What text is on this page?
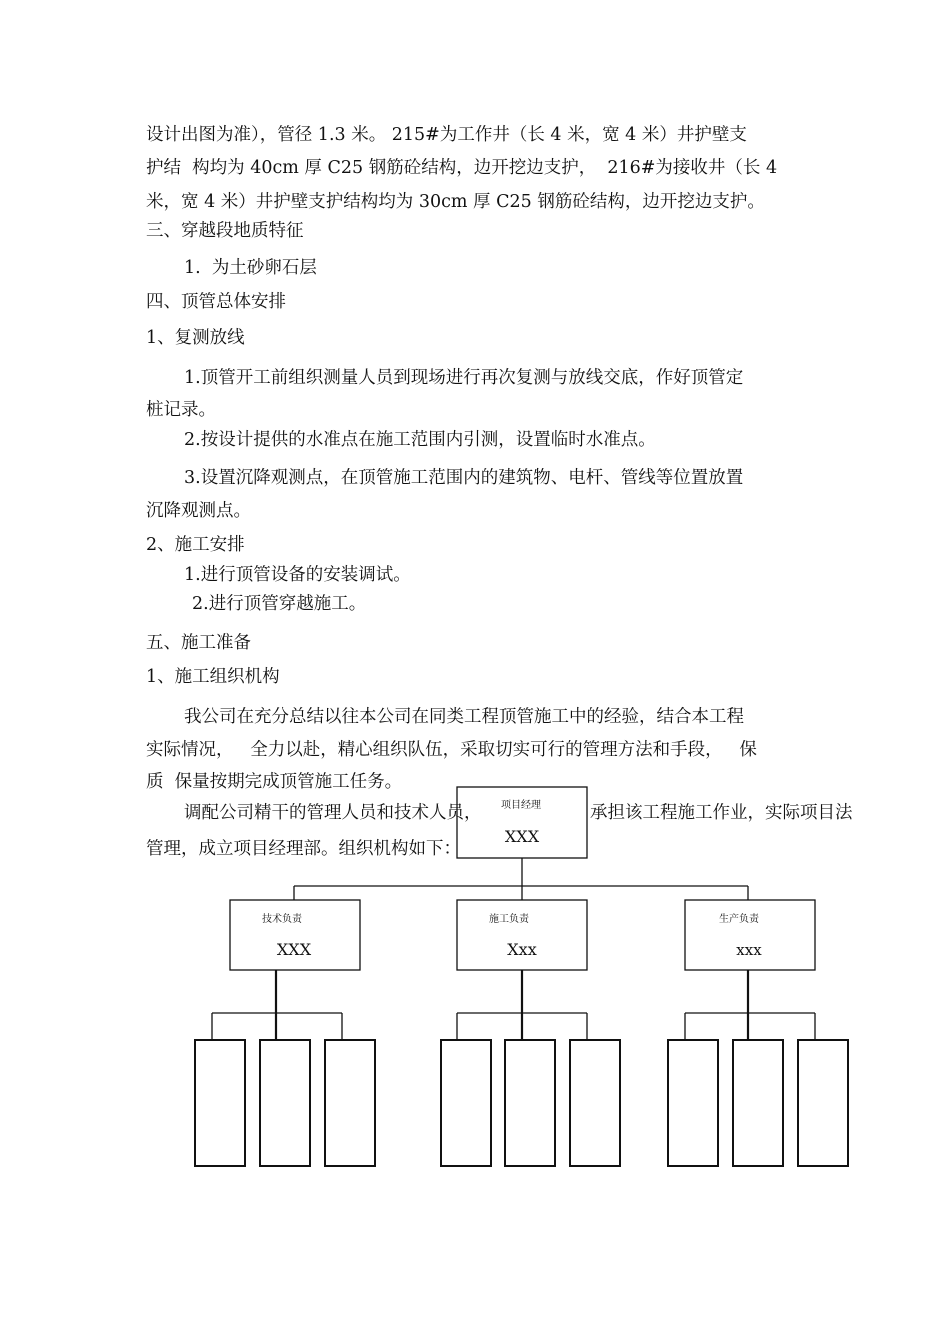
设计出图为准），管径 1.3 米。 215#为工作井（长 4 米，宽 4 米）井护壁支
护结  构均为 40cm 厚 C25 钢筋砼结构，边开挖边支护，  216#为接收井（长 4
米，宽 4 米）井护壁支护结构均为 30cm 厚 C25 钢筋砼结构，边开挖边支护。
三、穿越段地质特征
1.  为土砂卵石层
四、顶管总体安排
1、复测放线
1.顶管开工前组织测量人员到现场进行再次复测与放线交底，作好顶管定
桩记录。
2.按设计提供的水准点在施工范围内引测，设置临时水准点。
3.设置沉降观测点，在顶管施工范围内的建筑物、电杆、管线等位置放置
沉降观测点。
2、施工安排
1.进行顶管设备的安装调试。
2.进行顶管穿越施工。
五、施工准备
1、施工组织机构
我公司在充分总结以往本公司在同类工程顶管施工中的经验，结合本工程
实际情况，   全力以赴，精心组织队伍，采取切实可行的管理方法和手段，   保
质  保量按期完成顶管施工任务。
调配公司精干的管理人员和技术人员，	承担该工程施工作业，实际项目法
管理，成立项目经理部。组织机构如下：
项目经理
XXX
技术负责
XXX
施工负责
Xxx
生产负责
xxx
